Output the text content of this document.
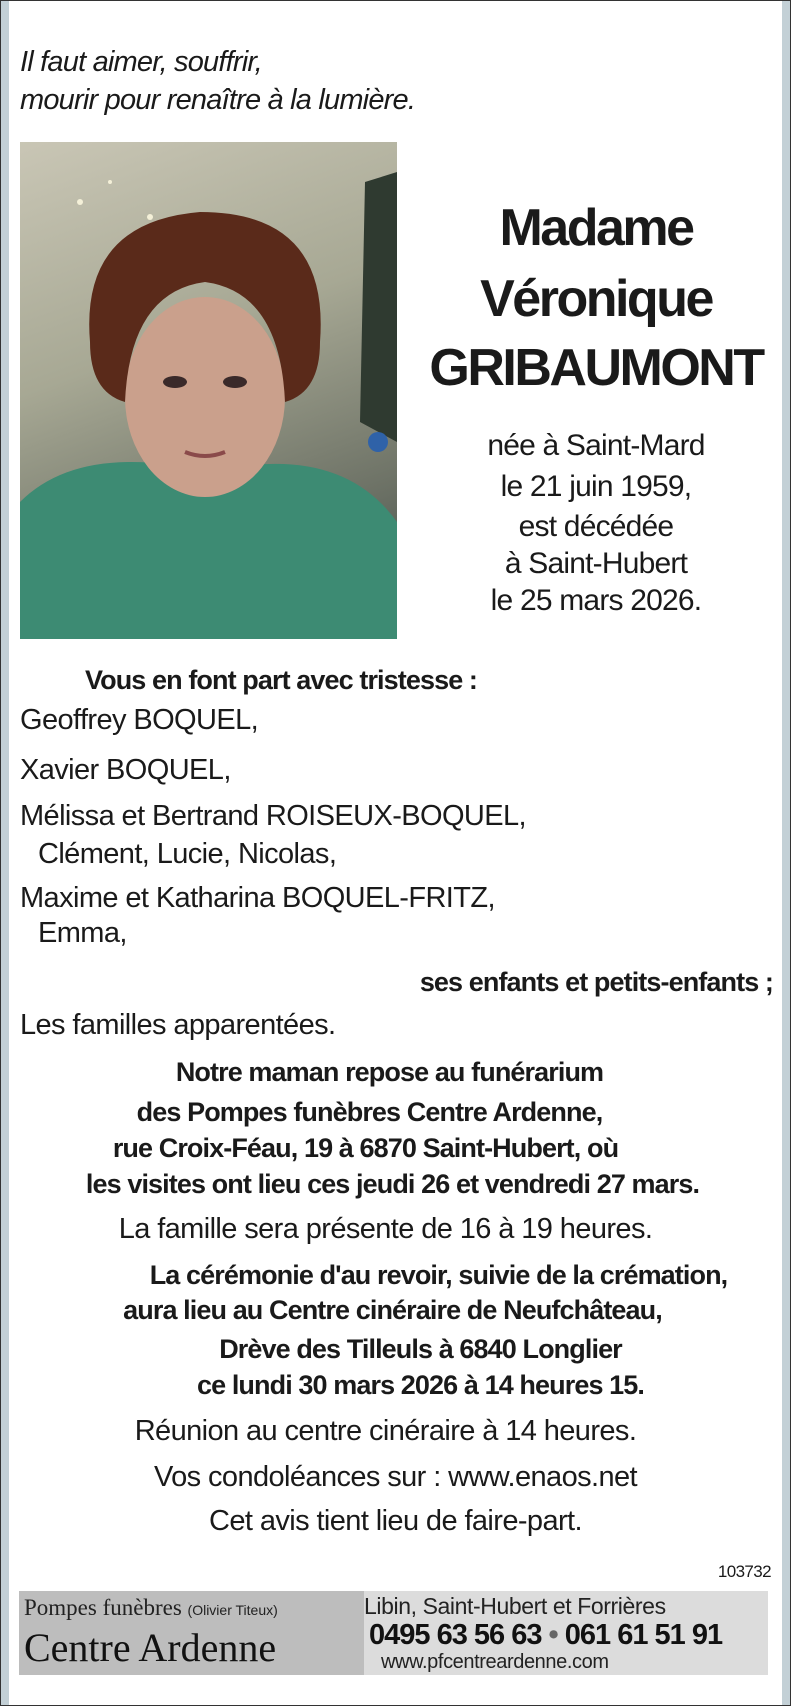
Il faut aimer, souffrir,
mourir pour renaître à la lumière.
Madame
Véronique
GRIBAUMONT
née à Saint-Mard
le 21 juin 1959,
est décédée
à Saint-Hubert
le 25 mars 2026.
Vous en font part avec tristesse :
Geoffrey BOQUEL,
Xavier BOQUEL,
Mélissa et Bertrand ROISEUX-BOQUEL,
Clément, Lucie, Nicolas,
Maxime et Katharina BOQUEL-FRITZ,
Emma,
ses enfants et petits-enfants ;
Les familles apparentées.
Notre maman repose au funérarium
des Pompes funèbres Centre Ardenne,
rue Croix-Féau, 19 à 6870 Saint-Hubert, où
les visites ont lieu ces jeudi 26 et vendredi 27 mars.
La famille sera présente de 16 à 19 heures.
La cérémonie d'au revoir, suivie de la crémation,
aura lieu au Centre cinéraire de Neufchâteau,
Drève des Tilleuls à 6840 Longlier
ce lundi 30 mars 2026 à 14 heures 15.
Réunion au centre cinéraire à 14 heures.
Vos condoléances sur : www.enaos.net
Cet avis tient lieu de faire-part.
103732
Pompes funèbres (Olivier Titeux)
Centre Ardenne
Libin, Saint-Hubert et Forrières
0495 63 56 63 • 061 61 51 91
www.pfcentreardenne.com
